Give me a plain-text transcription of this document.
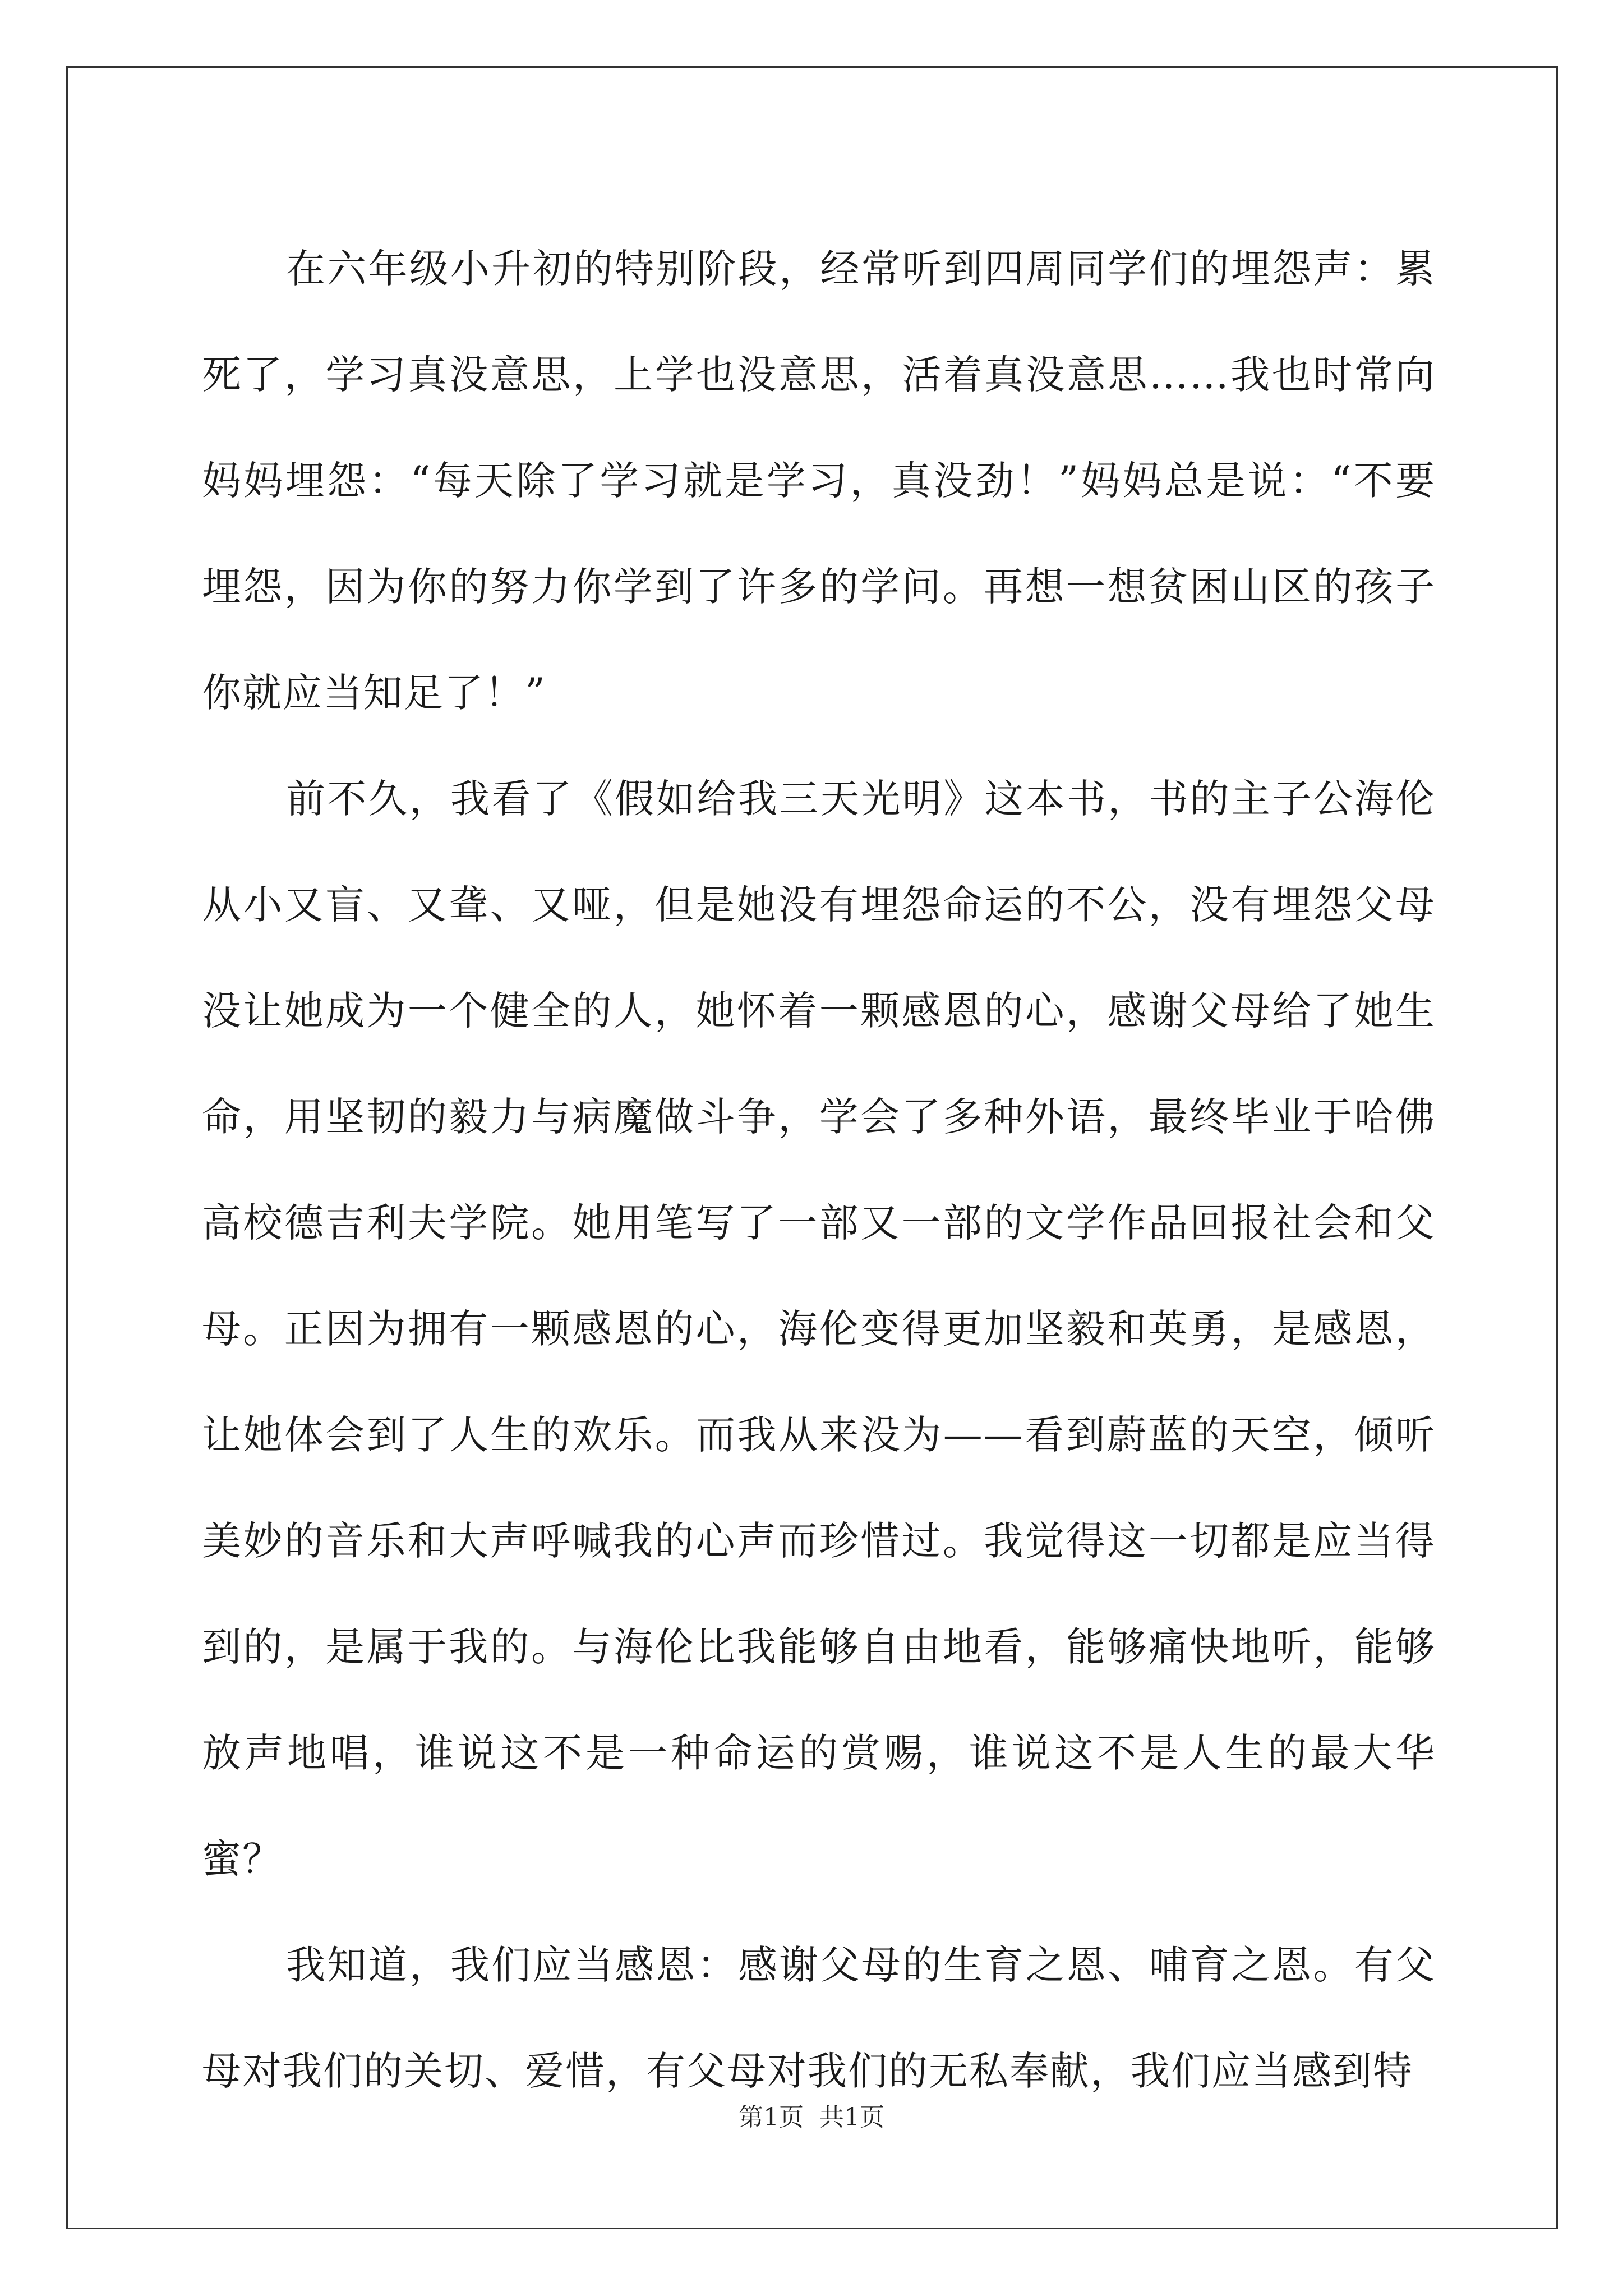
在六年级小升初的特别阶段，经常听到四周同学们的埋怨声：累死了，学习真没意思，上学也没意思，活着真没意思……我也时常向妈妈埋怨：“每天除了学习就是学习，真没劲！”妈妈总是说：“不要埋怨，因为你的努力你学到了许多的学问。再想一想贫困山区的孩子你就应当知足了！”

前不久，我看了《假如给我三天光明》这本书，书的主子公海伦从小又盲、又聋、又哑，但是她没有埋怨命运的不公，没有埋怨父母没让她成为一个健全的人，她怀着一颗感恩的心，感谢父母给了她生命，用坚韧的毅力与病魔做斗争，学会了多种外语，最终毕业于哈佛高校德吉利夫学院。她用笔写了一部又一部的文学作品回报社会和父母。正因为拥有一颗感恩的心，海伦变得更加坚毅和英勇，是感恩，让她体会到了人生的欢乐。而我从来没为——看到蔚蓝的天空，倾听美妙的音乐和大声呼喊我的心声而珍惜过。我觉得这一切都是应当得到的，是属于我的。与海伦比我能够自由地看，能够痛快地听，能够放声地唱，谁说这不是一种命运的赏赐，谁说这不是人生的最大华蜜？

我知道，我们应当感恩：感谢父母的生育之恩、哺育之恩。有父母对我们的关切、爱惜，有父母对我们的无私奉献，我们应当感到特

第1页 共1页
